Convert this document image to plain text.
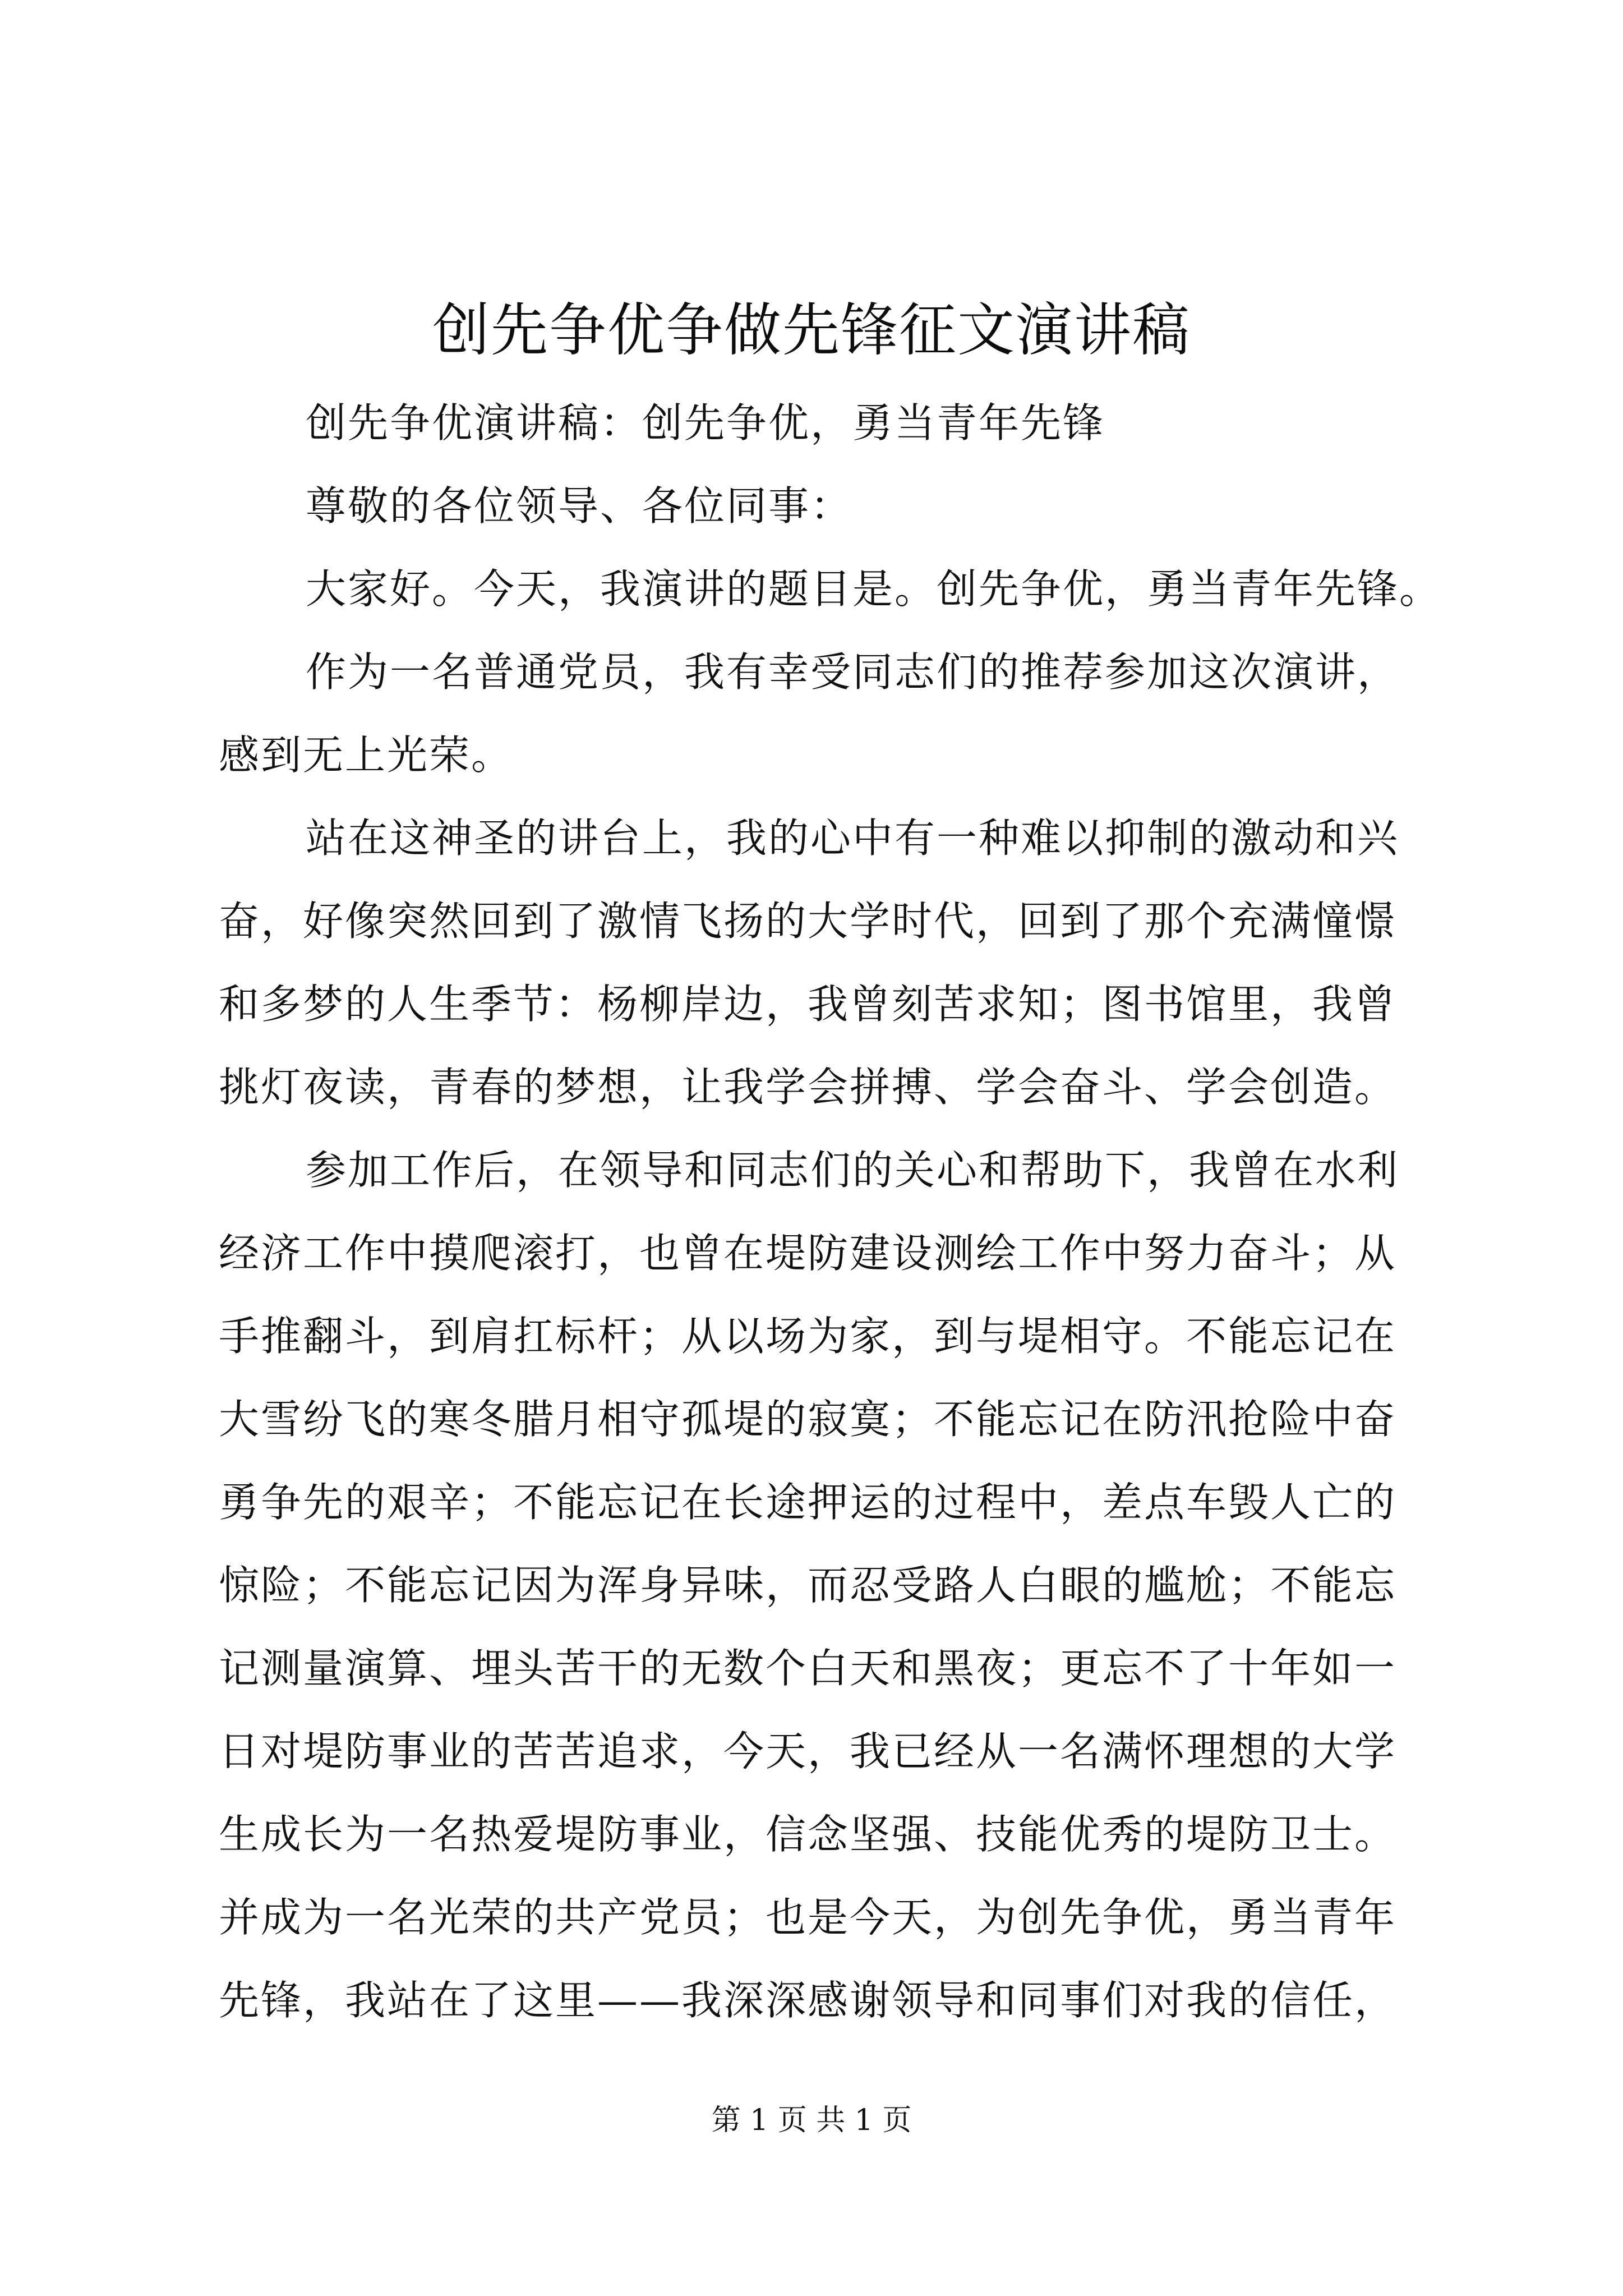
创先争优争做先锋征文演讲稿
创先争优演讲稿：创先争优，勇当青年先锋
尊敬的各位领导、各位同事：
大家好。今天，我演讲的题目是。创先争优，勇当青年先锋。
作为一名普通党员，我有幸受同志们的推荐参加这次演讲，
感到无上光荣。
站在这神圣的讲台上，我的心中有一种难以抑制的激动和兴
奋，好像突然回到了激情飞扬的大学时代，回到了那个充满憧憬
和多梦的人生季节：杨柳岸边，我曾刻苦求知；图书馆里，我曾
挑灯夜读，青春的梦想，让我学会拼搏、学会奋斗、学会创造。
参加工作后，在领导和同志们的关心和帮助下，我曾在水利
经济工作中摸爬滚打，也曾在堤防建设测绘工作中努力奋斗；从
手推翻斗，到肩扛标杆；从以场为家，到与堤相守。不能忘记在
大雪纷飞的寒冬腊月相守孤堤的寂寞；不能忘记在防汛抢险中奋
勇争先的艰辛；不能忘记在长途押运的过程中，差点车毁人亡的
惊险；不能忘记因为浑身异味，而忍受路人白眼的尴尬；不能忘
记测量演算、埋头苦干的无数个白天和黑夜；更忘不了十年如一
日对堤防事业的苦苦追求，今天，我已经从一名满怀理想的大学
生成长为一名热爱堤防事业，信念坚强、技能优秀的堤防卫士。
并成为一名光荣的共产党员；也是今天，为创先争优，勇当青年
先锋，我站在了这里——我深深感谢领导和同事们对我的信任，
第 1 页 共 1 页
